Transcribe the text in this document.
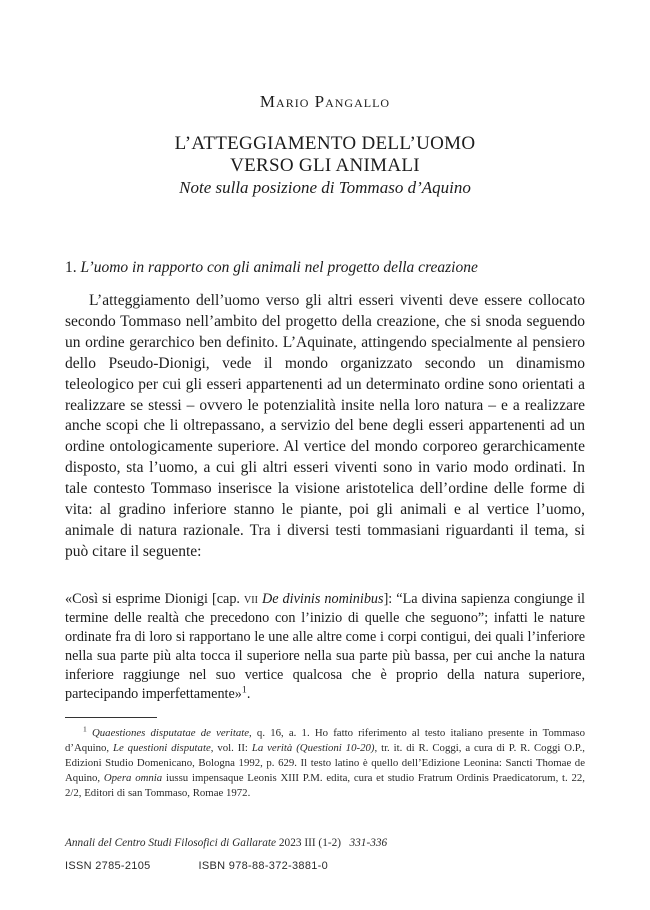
Mario Pangallo
L’ATTEGGIAMENTO DELL’UOMO
VERSO GLI ANIMALI
Note sulla posizione di Tommaso d’Aquino
1. L’uomo in rapporto con gli animali nel progetto della creazione
L’atteggiamento dell’uomo verso gli altri esseri viventi deve essere collocato secondo Tommaso nell’ambito del progetto della creazione, che si snoda seguendo un ordine gerarchico ben definito. L’Aquinate, attingendo specialmente al pensiero dello Pseudo-Dionigi, vede il mondo organizzato secondo un dinamismo teleologico per cui gli esseri appartenenti ad un determinato ordine sono orientati a realizzare se stessi – ovvero le potenzialità insite nella loro natura – e a realizzare anche scopi che li oltrepassano, a servizio del bene degli esseri appartenenti ad un ordine ontologicamente superiore. Al vertice del mondo corporeo gerarchicamente disposto, sta l’uomo, a cui gli altri esseri viventi sono in vario modo ordinati. In tale contesto Tommaso inserisce la visione aristotelica dell’ordine delle forme di vita: al gradino inferiore stanno le piante, poi gli animali e al vertice l’uomo, animale di natura razionale. Tra i diversi testi tommasiani riguardanti il tema, si può citare il seguente:
«Così si esprime Dionigi [cap. vii De divinis nominibus]: “La divina sapienza congiunge il termine delle realtà che precedono con l’inizio di quelle che seguono”; infatti le nature ordinate fra di loro si rapportano le une alle altre come i corpi contigui, dei quali l’inferiore nella sua parte più alta tocca il superiore nella sua parte più bassa, per cui anche la natura inferiore raggiunge nel suo vertice qualcosa che è proprio della natura superiore, partecipando imperfettamente»$^1$.
$^1$ Quaestiones disputatae de veritate, q. 16, a. 1. Ho fatto riferimento al testo italiano presente in Tommaso d’Aquino, Le questioni disputate, vol. II: La verità (Questioni 10-20), tr. it. di R. Coggi, a cura di P. R. Coggi O.P., Edizioni Studio Domenicano, Bologna 1992, p. 629. Il testo latino è quello dell’Edizione Leonina: Sancti Thomae de Aquino, Opera omnia iussu impensaque Leonis XIII P.M. edita, cura et studio Fratrum Ordinis Praedicatorum, t. 22, 2/2, Editori di san Tommaso, Romae 1972.
Annali del Centro Studi Filosofici di Gallarate 2023 III (1-2) 331-336
ISSN 2785-2105	ISBN 978-88-372-3881-0
